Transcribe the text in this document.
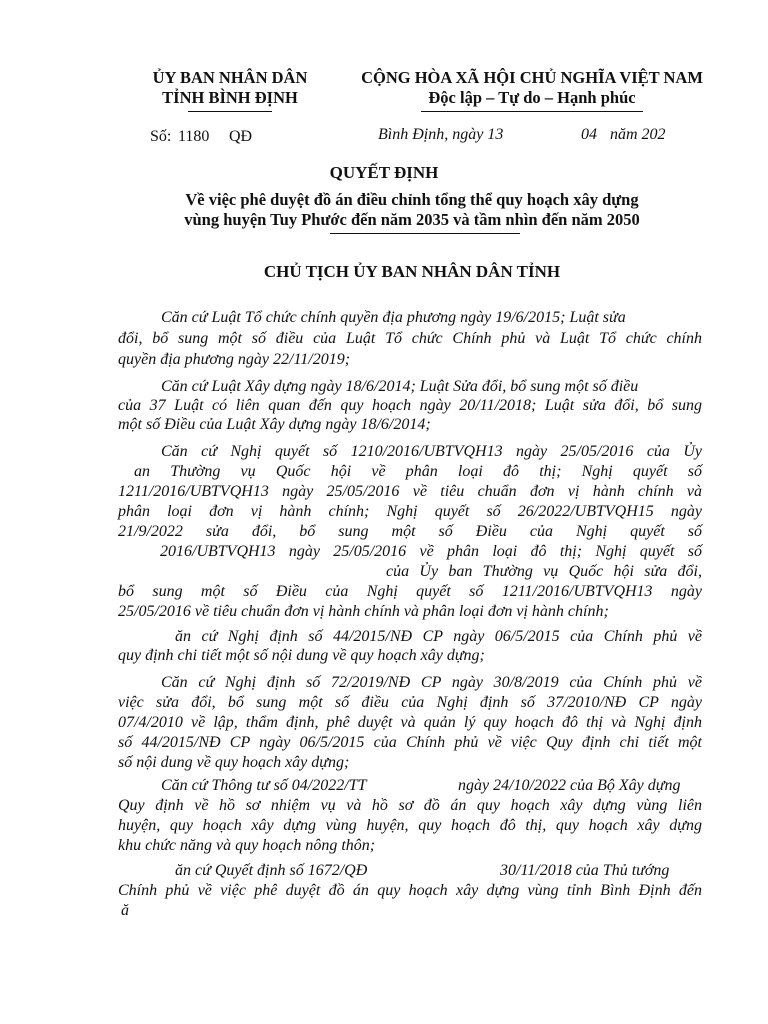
ỦY BAN NHÂN DÂN
TỈNH BÌNH ĐỊNH
CỘNG HÒA XÃ HỘI CHỦ NGHĨA VIỆT NAM
Độc lập – Tự do – Hạnh phúc
Số: 1180 QĐ	Bình Định, ngày 13	04 năm 202
QUYẾT ĐỊNH
Về việc phê duyệt đồ án điều chỉnh tổng thể quy hoạch xây dựng
vùng huyện Tuy Phước đến năm 2035 và tầm nhìn đến năm 2050
CHỦ TỊCH ỦY BAN NHÂN DÂN TỈNH
Căn cứ Luật Tổ chức chính quyền địa phương ngày 19/6/2015; Luật sửa
đổi, bổ sung một số điều của Luật Tổ chức Chính phủ và Luật Tổ chức chính
quyền địa phương ngày 22/11/2019;
Căn cứ Luật Xây dựng ngày 18/6/2014; Luật Sửa đổi, bổ sung một số điều
của 37 Luật có liên quan đến quy hoạch ngày 20/11/2018; Luật sửa đổi, bổ sung
một số Điều của Luật Xây dựng ngày 18/6/2014;
Căn cứ Nghị quyết số 1210/2016/UBTVQH13 ngày 25/05/2016 của Ủy
an Thường vụ Quốc hội về phân loại đô thị; Nghị quyết số
1211/2016/UBTVQH13 ngày 25/05/2016 về tiêu chuẩn đơn vị hành chính và
phân loại đơn vị hành chính; Nghị quyết số 26/2022/UBTVQH15 ngày
21/9/2022 sửa đổi, bổ sung một số Điều của Nghị quyết số
2016/UBTVQH13 ngày 25/05/2016 về phân loại đô thị; Nghị quyết số
của Ủy ban Thường vụ Quốc hội sửa đổi,
bổ sung một số Điều của Nghị quyết số 1211/2016/UBTVQH13 ngày
25/05/2016 về tiêu chuẩn đơn vị hành chính và phân loại đơn vị hành chính;
ăn cứ Nghị định số 44/2015/NĐ CP ngày 06/5/2015 của Chính phủ về
quy định chi tiết một số nội dung về quy hoạch xây dựng;
Căn cứ Nghị định số 72/2019/NĐ CP ngày 30/8/2019 của Chính phủ về
việc sửa đổi, bổ sung một số điều của Nghị định số 37/2010/NĐ CP ngày
07/4/2010 về lập, thẩm định, phê duyệt và quản lý quy hoạch đô thị và Nghị định
số 44/2015/NĐ CP ngày 06/5/2015 của Chính phủ về việc Quy định chi tiết một
số nội dung về quy hoạch xây dựng;
Căn cứ Thông tư số 04/2022/TT	ngày 24/10/2022 của Bộ Xây dựng
Quy định về hồ sơ nhiệm vụ và hồ sơ đồ án quy hoạch xây dựng vùng liên
huyện, quy hoạch xây dựng vùng huyện, quy hoạch đô thị, quy hoạch xây dựng
khu chức năng và quy hoạch nông thôn;
ăn cứ Quyết định số 1672/QĐ	30/11/2018 của Thủ tướng
Chính phủ về việc phê duyệt đồ án quy hoạch xây dựng vùng tỉnh Bình Định đến
ă
